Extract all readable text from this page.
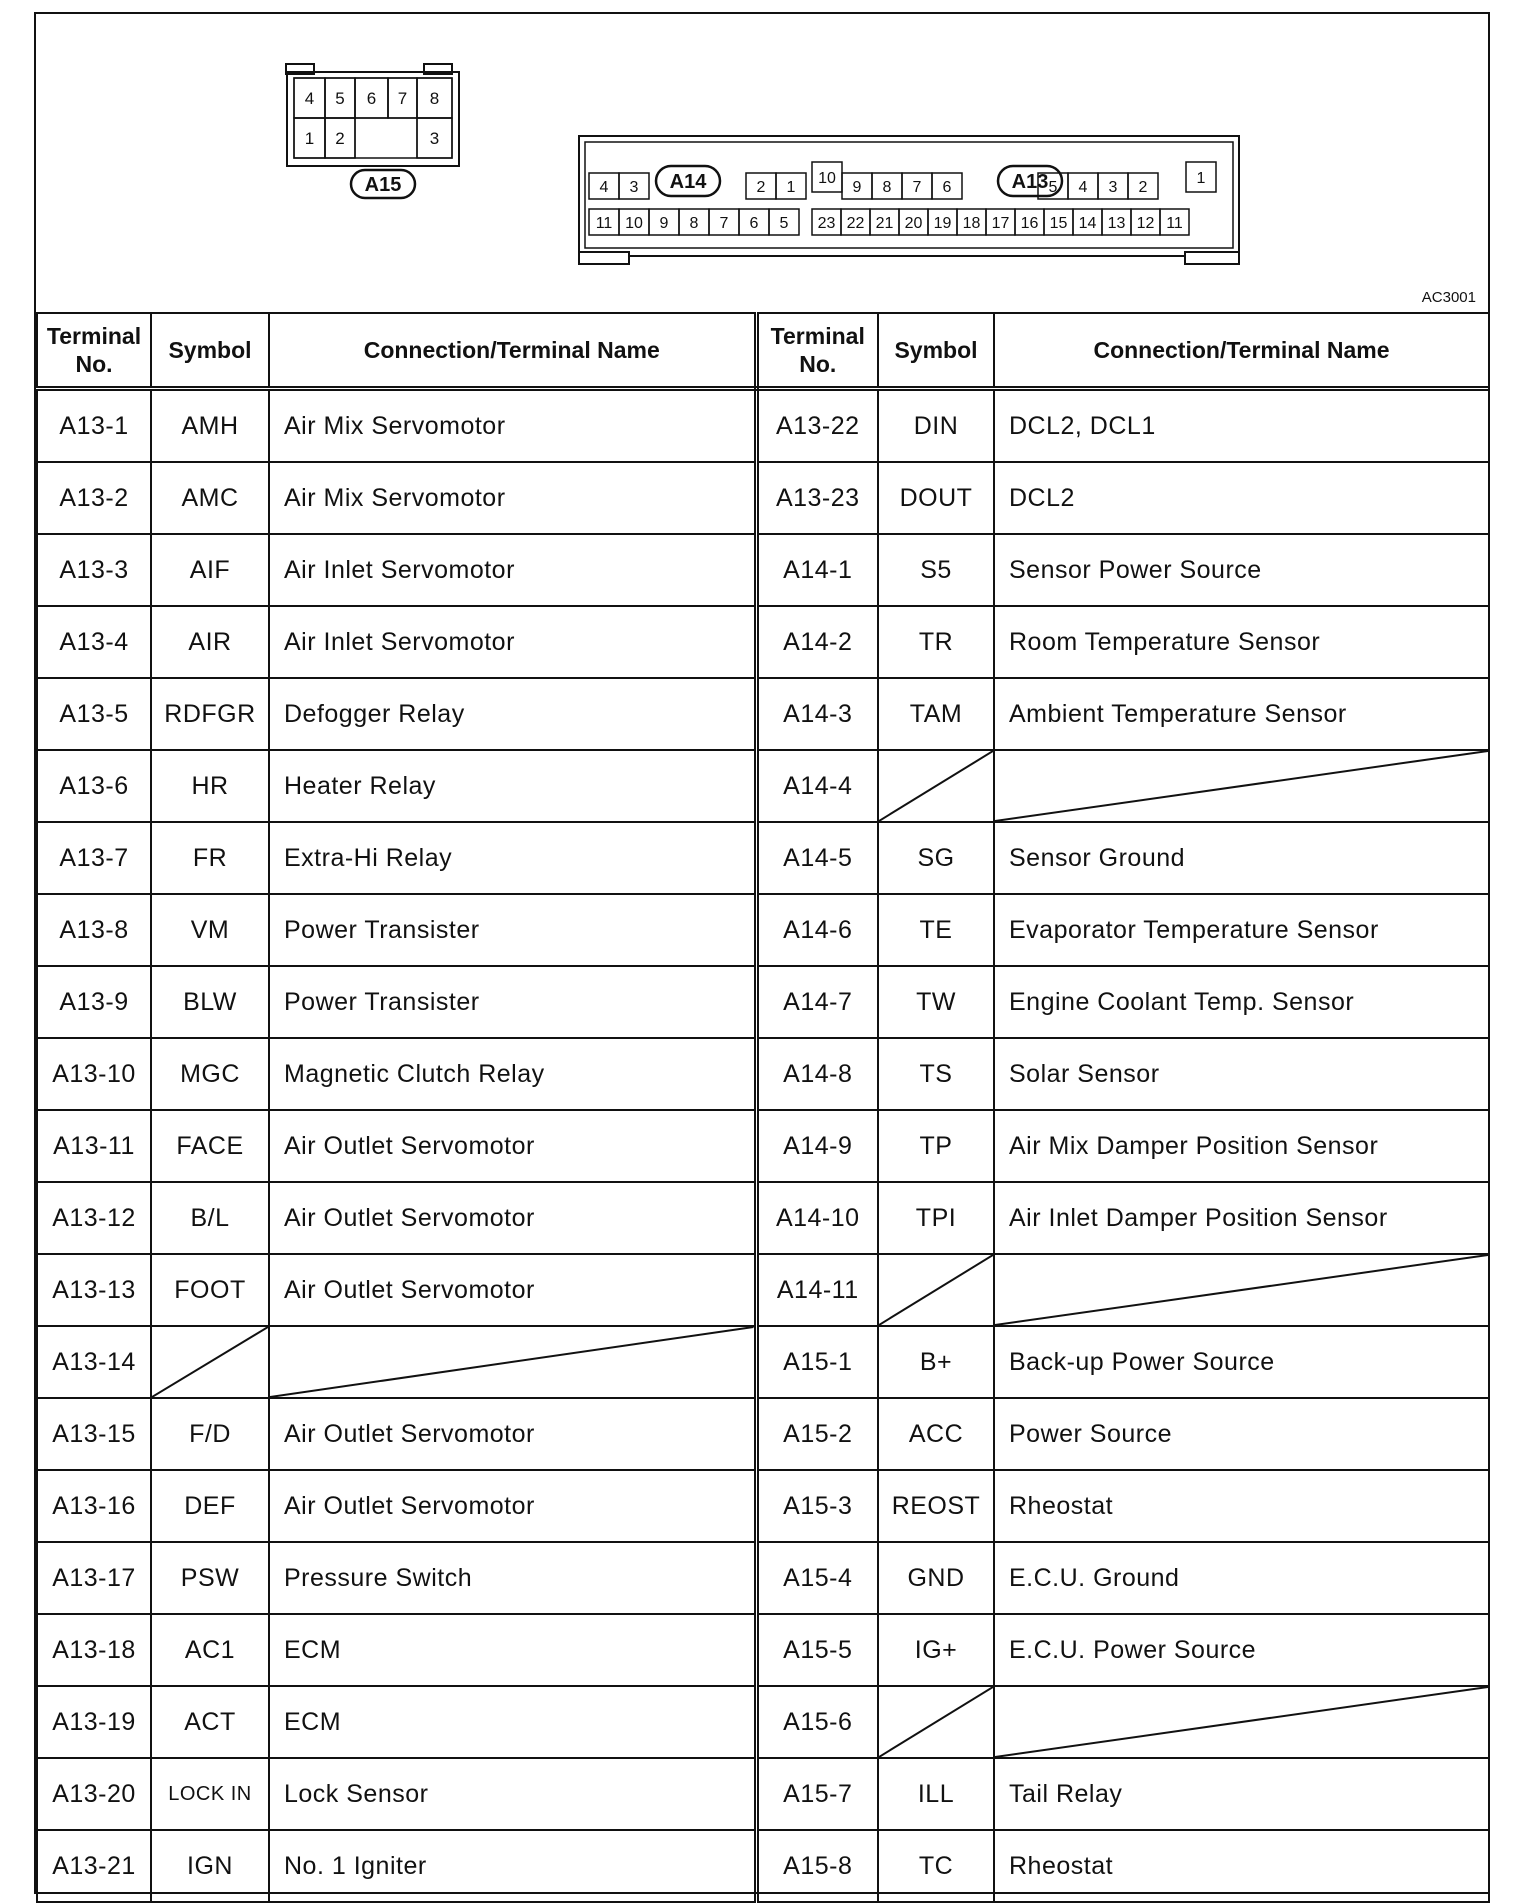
4 5 6 7 8
1 2	3
A15	4 3	2 1
11 10 9 8 7 6 5
A14	10
9 8 7 6	5 4 3 2
1
23 22 21 20 19 18 17 16 15 14 13 12 11
A13
AC3001
Terminal
No.	Symbol	Connection/Terminal Name	Terminal
No.	Symbol	Connection/Terminal Name
A13-1	AMH	Air Mix Servomotor	A13-22	DIN	DCL2, DCL1
A13-2	AMC	Air Mix Servomotor	A13-23	DOUT	DCL2
A13-3	AIF	Air Inlet Servomotor	A14-1	S5	Sensor Power Source
A13-4	AIR	Air Inlet Servomotor	A14-2	TR	Room Temperature Sensor
A13-5	RDFGR	Defogger Relay	A14-3	TAM	Ambient Temperature Sensor
A13-6	HR	Heater Relay	A14-4	

A13-7	FR	Extra-Hi Relay	A14-5	SG	Sensor Ground
A13-8	VM	Power Transister	A14-6	TE	Evaporator Temperature Sensor
A13-9	BLW	Power Transister	A14-7	TW	Engine Coolant Temp. Sensor
A13-10	MGC	Magnetic Clutch Relay	A14-8	TS	Solar Sensor
A13-11	FACE	Air Outlet Servomotor	A14-9	TP	Air Mix Damper Position Sensor
A13-12	B/L	Air Outlet Servomotor	A14-10	TPI	Air Inlet Damper Position Sensor
A13-13	FOOT	Air Outlet Servomotor	A14-11	

A13-14			A15-1	B+	Back-up Power Source
A13-15	F/D	Air Outlet Servomotor	A15-2	ACC	Power Source
A13-16	DEF	Air Outlet Servomotor	A15-3	REOST	Rheostat
A13-17	PSW	Pressure Switch	A15-4	GND	E.C.U. Ground
A13-18	AC1	ECM	A15-5	IG+	E.C.U. Power Source
A13-19	ACT	ECM	A15-6	

A13-20	LOCK IN	Lock Sensor	A15-7	ILL	Tail Relay
A13-21	IGN	No. 1 Igniter	A15-8	TC	Rheostat
